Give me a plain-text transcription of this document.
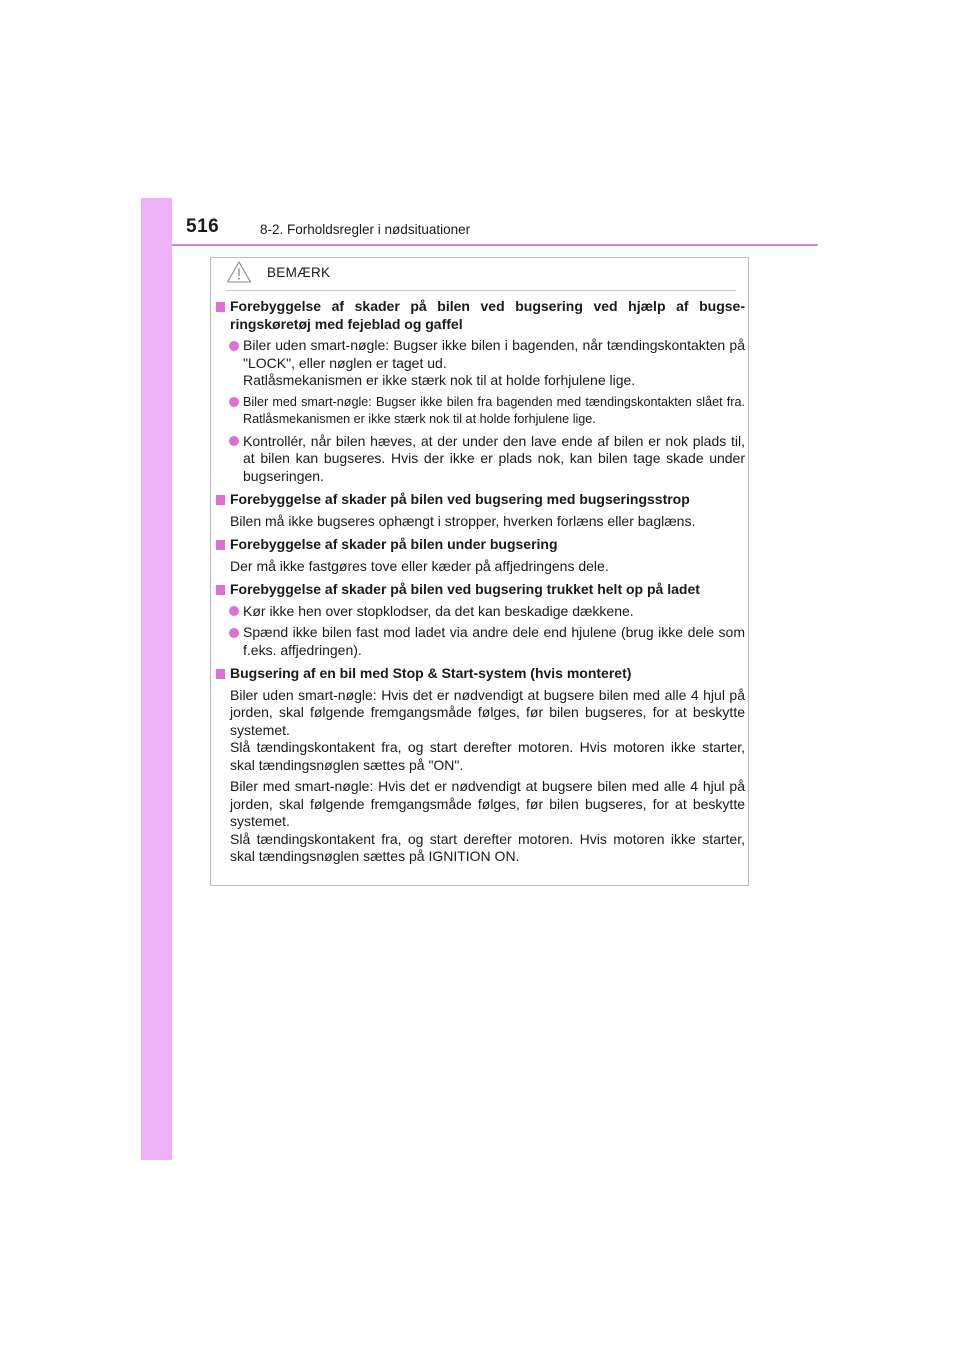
516	8-2. Forholdsregler i nødsituationer
BEMÆRK
Forebyggelse af skader på bilen ved bugsering ved hjælp af bugseringskøretøj med fejeblad og gaffel
Biler uden smart-nøgle: Bugser ikke bilen i bagenden, når tændingskontakten på "LOCK", eller nøglen er taget ud.
Ratlåsmekanismen er ikke stærk nok til at holde forhjulene lige.
Biler med smart-nøgle: Bugser ikke bilen fra bagenden med tændingskontakten slået fra. Ratlåsmekanismen er ikke stærk nok til at holde forhjulene lige.
Kontrollér, når bilen hæves, at der under den lave ende af bilen er nok plads til, at bilen kan bugseres. Hvis der ikke er plads nok, kan bilen tage skade under bugseringen.
Forebyggelse af skader på bilen ved bugsering med bugseringsstrop
Bilen må ikke bugseres ophængt i stropper, hverken forlæns eller baglæns.
Forebyggelse af skader på bilen under bugsering
Der må ikke fastgøres tove eller kæder på affjedringens dele.
Forebyggelse af skader på bilen ved bugsering trukket helt op på ladet
Kør ikke hen over stopklodser, da det kan beskadige dækkene.
Spænd ikke bilen fast mod ladet via andre dele end hjulene (brug ikke dele som f.eks. affjedringen).
Bugsering af en bil med Stop & Start-system (hvis monteret)
Biler uden smart-nøgle: Hvis det er nødvendigt at bugsere bilen med alle 4 hjul på jorden, skal følgende fremgangsmåde følges, før bilen bugseres, for at beskytte systemet.
Slå tændingskontakent fra, og start derefter motoren. Hvis motoren ikke starter, skal tændingsnøglen sættes på "ON".
Biler med smart-nøgle: Hvis det er nødvendigt at bugsere bilen med alle 4 hjul på jorden, skal følgende fremgangsmåde følges, før bilen bugseres, for at beskytte systemet.
Slå tændingskontakent fra, og start derefter motoren. Hvis motoren ikke starter, skal tændingsnøglen sættes på IGNITION ON.
